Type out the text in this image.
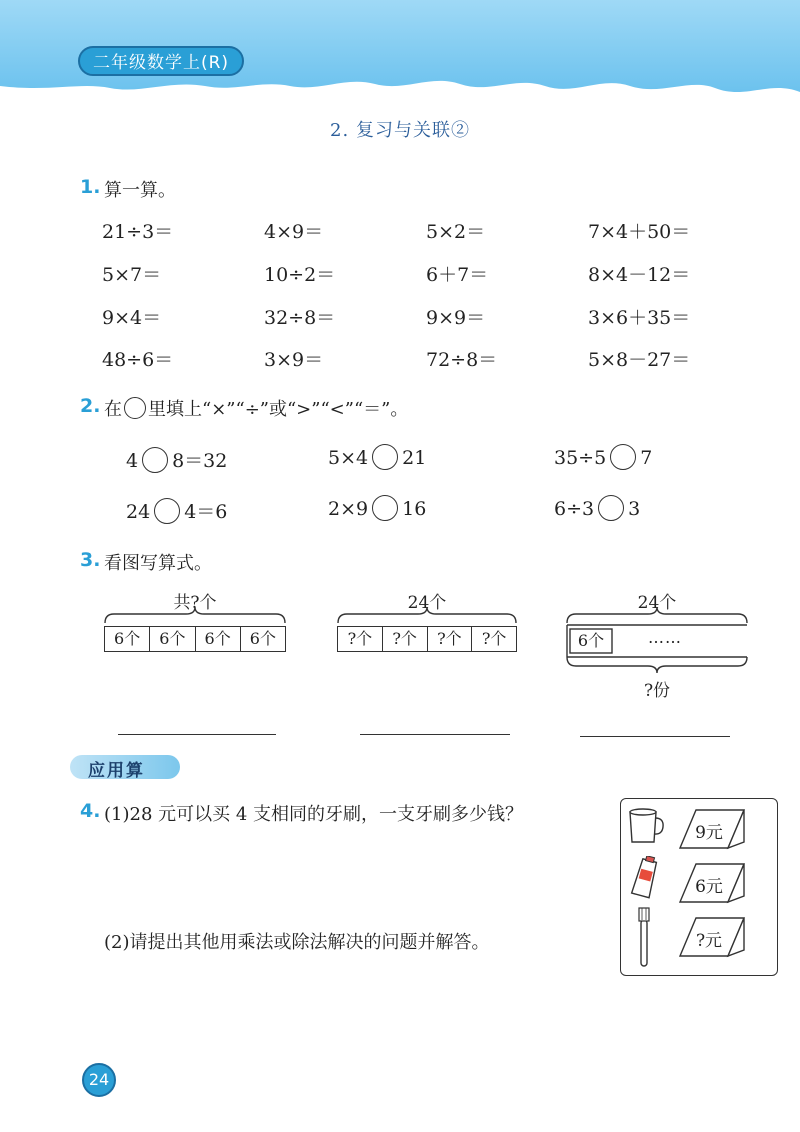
二年级数学上(R)
2. 复习与关联②
1. 算一算。
21÷3＝	4×9＝	5×2＝	7×4＋50＝
5×7＝	10÷2＝	6＋7＝	8×4－12＝
9×4＝	32÷8＝	9×9＝	3×6＋35＝
48÷6＝	3×9＝	72÷8＝	5×8－27＝
2. 在 里填上“×”“÷”或“>”“<”“＝”。
4 8＝32	5×4 21	35÷5 7
24 4＝6	2×9 16	6÷3 3
3. 看图写算式。
共?个
6个	6个	6个	6个
24个
?个	?个	?个	?个
24个
6个	……
?份
应用算
4. (1)28 元可以买 4 支相同的牙刷，一支牙刷多少钱？
(2)请提出其他用乘法或除法解决的问题并解答。
9元
6元
?元
24
